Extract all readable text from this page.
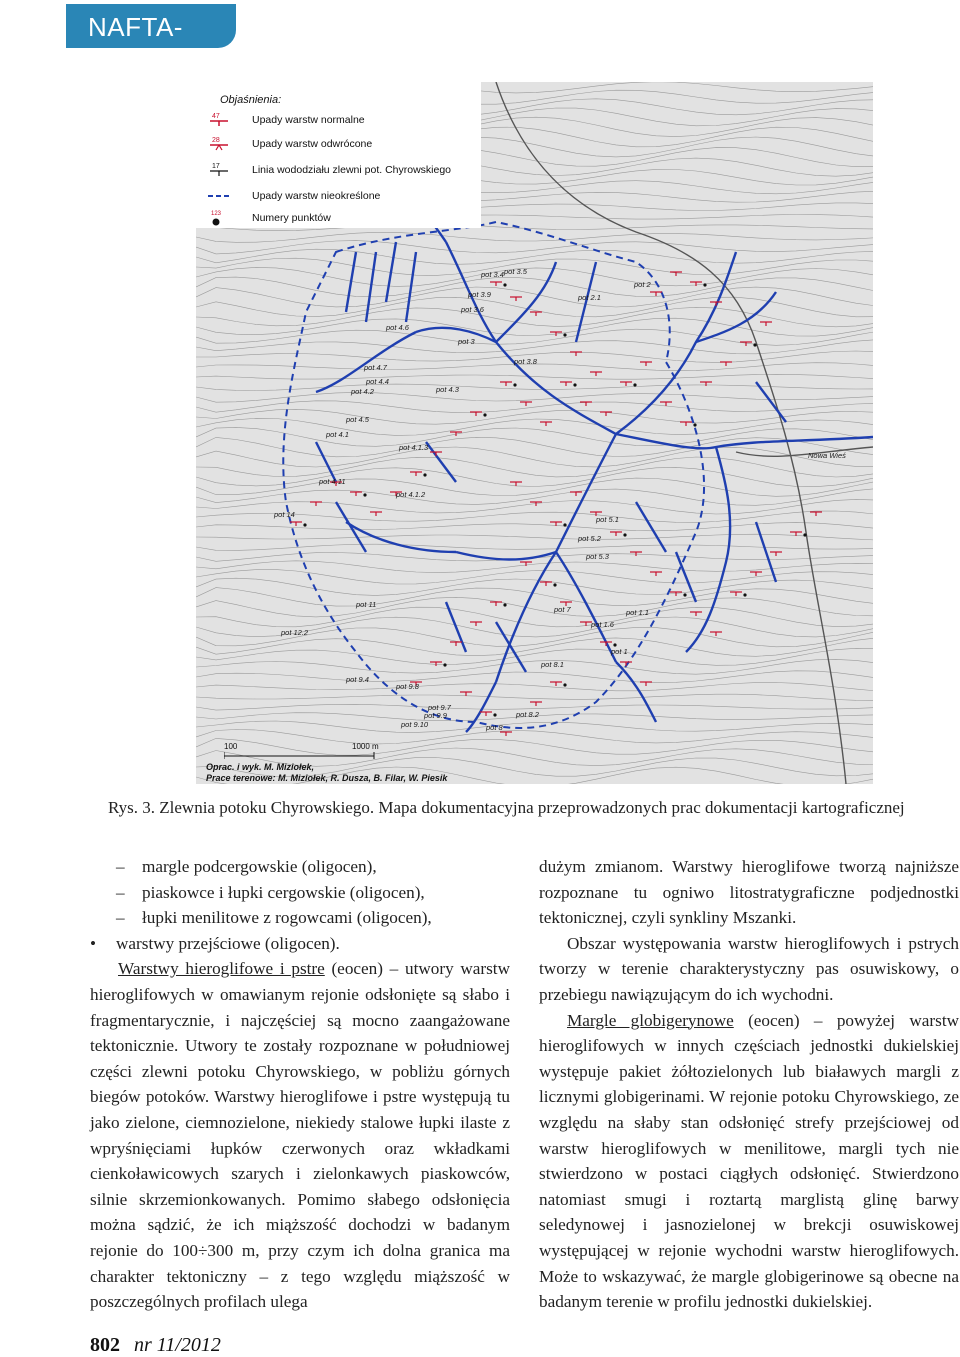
NAFTA-GAZ
pot 3.4 pot 3.5
pot 3.9
pot 3.6
pot 3
pot 3.8
pot 2.1
pot 2
pot 4.6
pot 4.7
pot 4.4
pot 4.2	pot 4.3
pot 4.5
pot 4.1
pot 4.1.3
pot 4.1.2
pot 4.11
pot 11
pot 14
pot 12.2
pot 5.1
pot 5.2
pot 5.3
pot 7
pot 1.6
pot 1.1
pot 1
pot 9.4
pot 9.8
pot 9.7
pot 9.9
pot 9.10	pot 8
pot 8.2
pot 8.1
Nowa Wieś
Objaśnienia:
47	Upady warstw normalne
28	Upady warstw odwrócone
17	Linia wododziału zlewni pot. Chyrowskiego
Upady warstw nieokreślone
123	Numery punktów
100	1000 m
Oprac. i wyk. M. Miziołek,
Prace terenowe: M. Miziołek, R. Dusza, B. Filar, W. Piesik
Rys. 3. Zlewnia potoku Chyrowskiego. Mapa dokumentacyjna przeprowadzonych prac dokumentacji kartograficznej
– margle podcergowskie (oligocen),
– piaskowce i łupki cergowskie (oligocen),
– łupki menilitowe z rogowcami (oligocen),
• warstwy przejściowe (oligocen).

Warstwy hieroglifowe i pstre (eocen) – utwory warstw hieroglifowych w omawianym rejonie odsłonięte są słabo i fragmentarycznie, i najczęściej są mocno zaangażowane tektonicznie. Utwory te zostały rozpoznane w południowej części zlewni potoku Chyrowskiego, w pobliżu górnych biegów potoków. Warstwy hieroglifowe i pstre występują tu jako zielone, ciemnozielone, niekiedy stalowe łupki ilaste z wpryśnięciami łupków czerwonych oraz wkładkami cienkoławicowych szarych i zielonkawych piaskowców, silnie skrzemionkowanych. Pomimo słabego odsłonięcia można sądzić, że ich miąższość dochodzi w badanym rejonie do 100÷300 m, przy czym ich dolna granica ma charakter tektoniczny – z tego względu miąższość w poszczególnych profilach ulega

dużym zmianom. Warstwy hieroglifowe tworzą najniższe rozpoznane tu ogniwo litostratygraficzne podjednostki tektonicznej, czyli synkliny Mszanki.

Obszar występowania warstw hieroglifowych i pstrych tworzy w terenie charakterystyczny pas osuwiskowy, o przebiegu nawiązującym do ich wychodni.

Margle globigerynowe (eocen) – powyżej warstw hieroglifowych w innych częściach jednostki dukielskiej występuje pakiet żółtozielonych lub białawych margli z licznymi globigerinami. W rejonie potoku Chyrowskiego, ze względu na słaby stan odsłonięć strefy przejściowej od warstw hieroglifowych w menilitowe, margli tych nie stwierdzono w postaci ciągłych odsłonięć. Stwierdzono natomiast smugi i roztartą marglistą glinę barwy seledynowej i jasnozielonej w brekcji osuwiskowej występującej w rejonie wychodni warstw hieroglifowych. Może to wskazywać, że margle globigerinowe są obecne na badanym terenie w profilu jednostki dukielskiej.

802 nr 11/2012
